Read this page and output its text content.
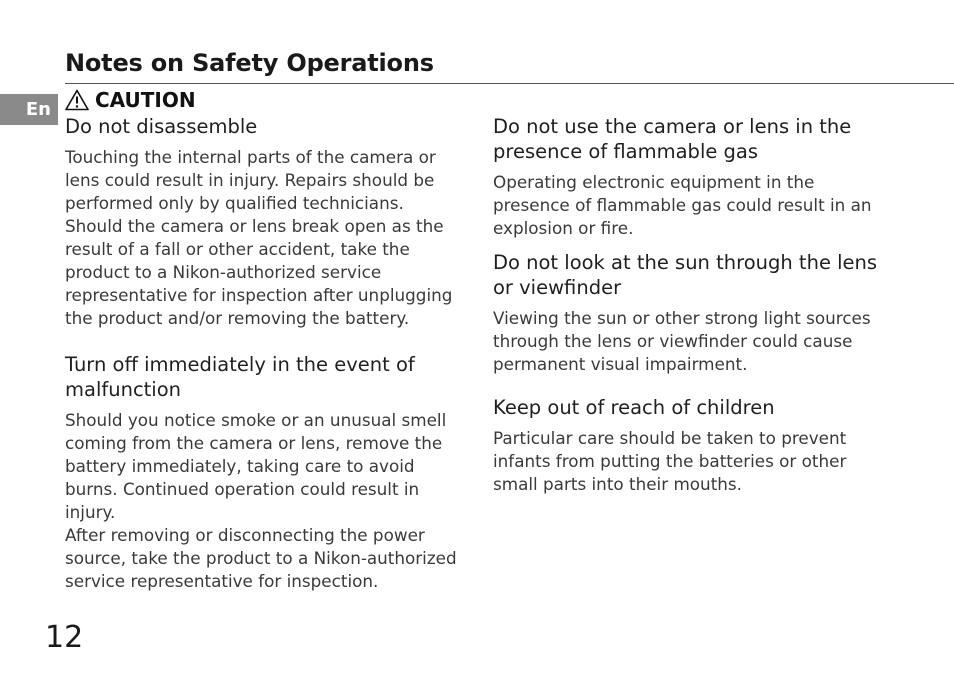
Notes on Safety Operations
En	CAUTION
Do not disassemble

Touching the internal parts of the camera or lens could result in injury. Repairs should be performed only by qualified technicians. Should the camera or lens break open as the result of a fall or other accident, take the product to a Nikon-authorized service representative for inspection after unplugging the product and/or removing the battery.

Turn off immediately in the event of malfunction

Should you notice smoke or an unusual smell coming from the camera or lens, remove the battery immediately, taking care to avoid burns. Continued operation could result in injury.

After removing or disconnecting the power source, take the product to a Nikon-authorized service representative for inspection.

Do not use the camera or lens in the presence of flammable gas

Operating electronic equipment in the presence of flammable gas could result in an explosion or fire.

Do not look at the sun through the lens or viewfinder

Viewing the sun or other strong light sources through the lens or viewfinder could cause permanent visual impairment.

Keep out of reach of children

Particular care should be taken to prevent infants from putting the batteries or other small parts into their mouths.

12
